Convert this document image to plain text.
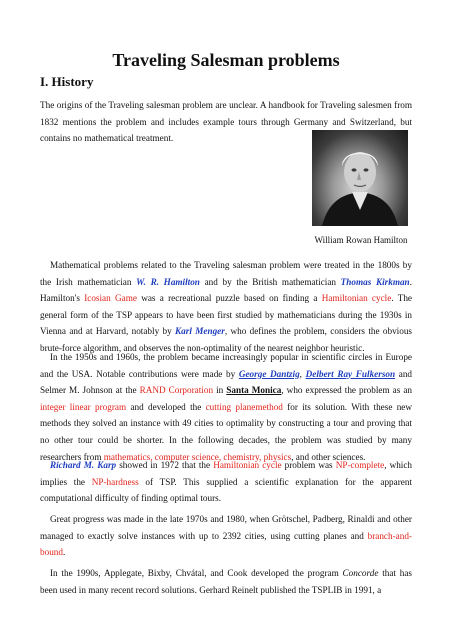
Traveling Salesman problems
I. History
The origins of the Traveling salesman problem are unclear. A handbook for Traveling salesmen from 1832 mentions the problem and includes example tours through Germany and Switzerland, but contains no mathematical treatment.
William Rowan Hamilton
Mathematical problems related to the Traveling salesman problem were treated in the 1800s by the Irish mathematician W. R. Hamilton and by the British mathematician Thomas Kirkman. Hamilton's Icosian Game was a recreational puzzle based on finding a Hamiltonian cycle. The general form of the TSP appears to have been first studied by mathematicians during the 1930s in Vienna and at Harvard, notably by Karl Menger, who defines the problem, considers the obvious brute-force algorithm, and observes the non-optimality of the nearest neighbor heuristic.
In the 1950s and 1960s, the problem became increasingly popular in scientific circles in Europe and the USA. Notable contributions were made by George Dantzig, Delbert Ray Fulkerson and Selmer M. Johnson at the RAND Corporation in Santa Monica, who expressed the problem as an integer linear program and developed the cutting planemethod for its solution. With these new methods they solved an instance with 49 cities to optimality by constructing a tour and proving that no other tour could be shorter. In the following decades, the problem was studied by many researchers from mathematics, computer science, chemistry, physics, and other sciences.
Richard M. Karp showed in 1972 that the Hamiltonian cycle problem was NP-complete, which implies the NP-hardness of TSP. This supplied a scientific explanation for the apparent computational difficulty of finding optimal tours.
Great progress was made in the late 1970s and 1980, when Grötschel, Padberg, Rinaldi and other managed to exactly solve instances with up to 2392 cities, using cutting planes and branch-and-bound.
In the 1990s, Applegate, Bixby, Chvátal, and Cook developed the program Concorde that has been used in many recent record solutions. Gerhard Reinelt published the TSPLIB in 1991, a
